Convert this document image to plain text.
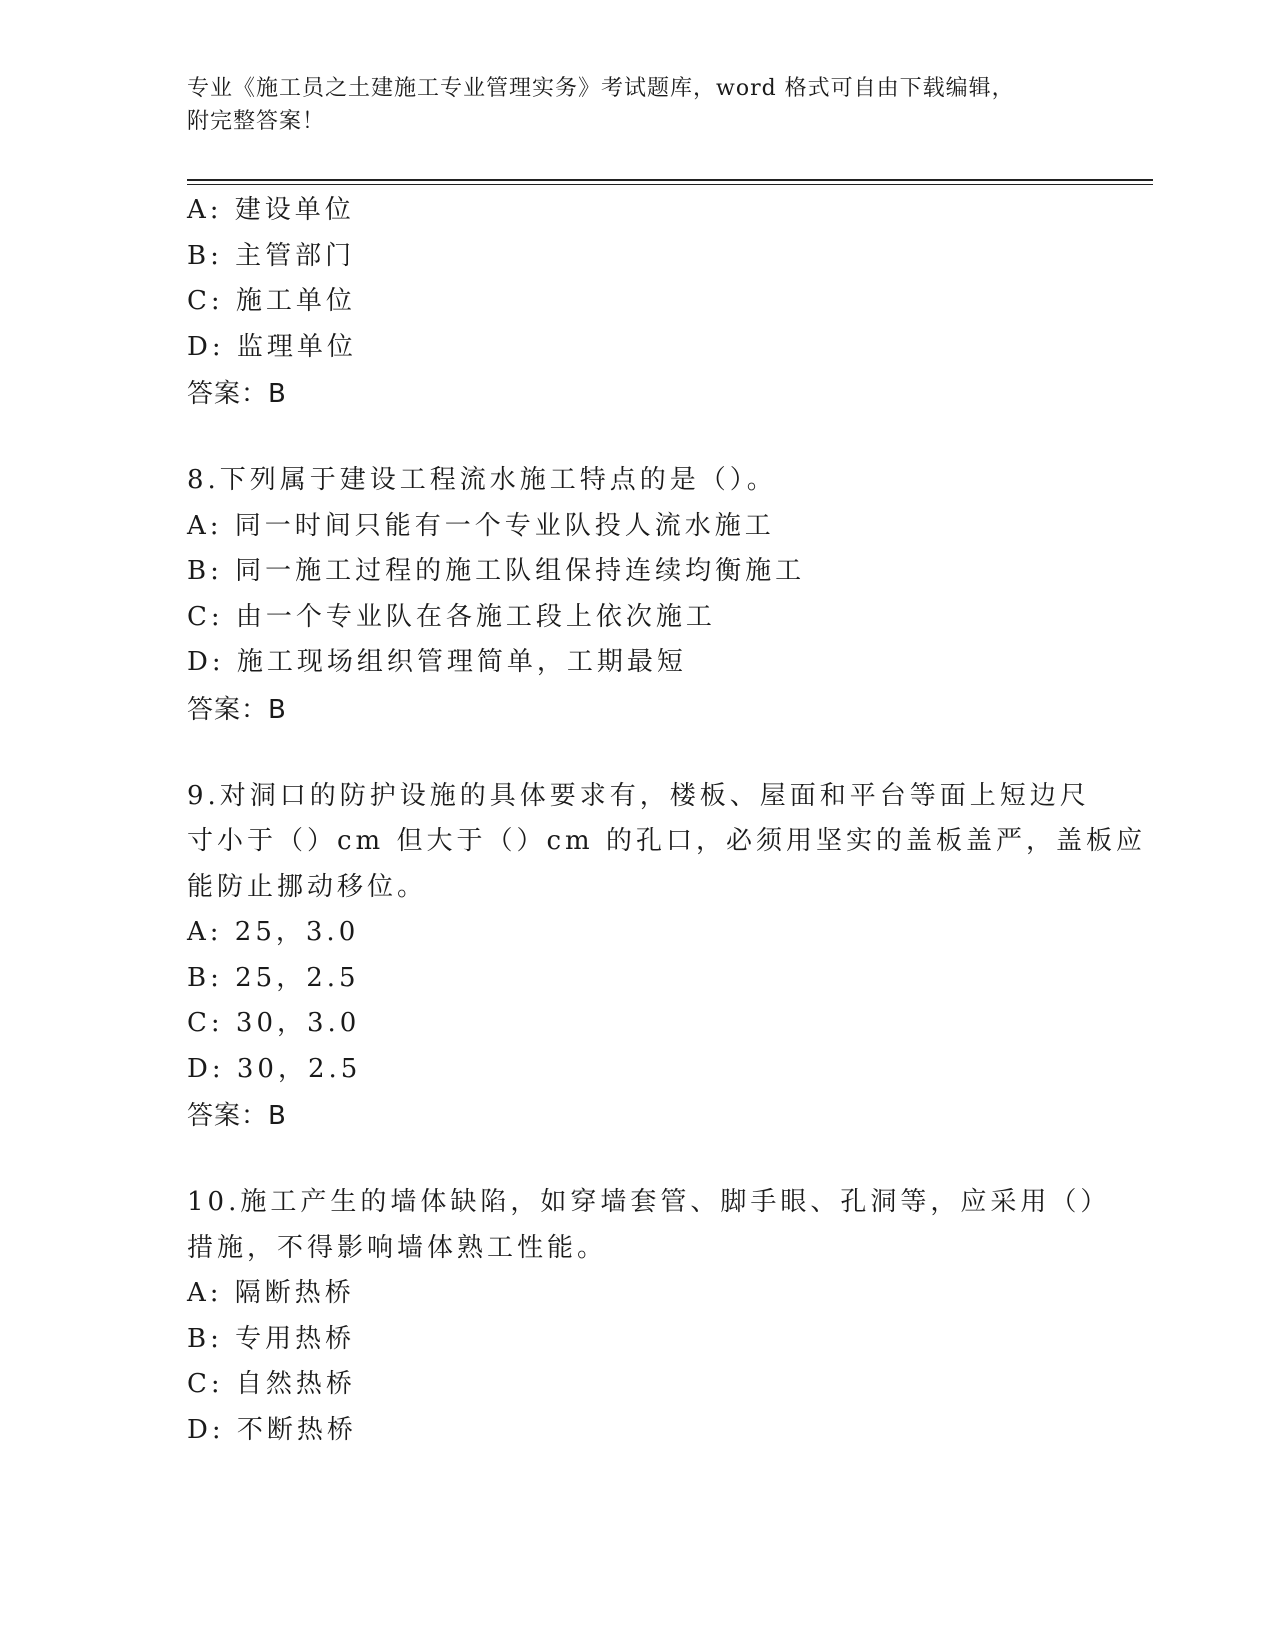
专业《施工员之土建施工专业管理实务》考试题库，word 格式可自由下载编辑，
附完整答案！
A: 建设单位
B: 主管部门
C: 施工单位
D: 监理单位
答案：B
8.下列属于建设工程流水施工特点的是（）。
A: 同一时间只能有一个专业队投人流水施工
B: 同一施工过程的施工队组保持连续均衡施工
C: 由一个专业队在各施工段上依次施工
D: 施工现场组织管理简单，工期最短
答案：B
9.对洞口的防护设施的具体要求有，楼板、屋面和平台等面上短边尺
寸小于（）cm 但大于（）cm 的孔口，必须用坚实的盖板盖严，盖板应
能防止挪动移位。
A: 25，3.0
B: 25，2.5
C: 30，3.0
D: 30，2.5
答案：B
10.施工产生的墙体缺陷，如穿墙套管、脚手眼、孔洞等，应采用（）
措施，不得影响墙体熟工性能。
A: 隔断热桥
B: 专用热桥
C: 自然热桥
D: 不断热桥
